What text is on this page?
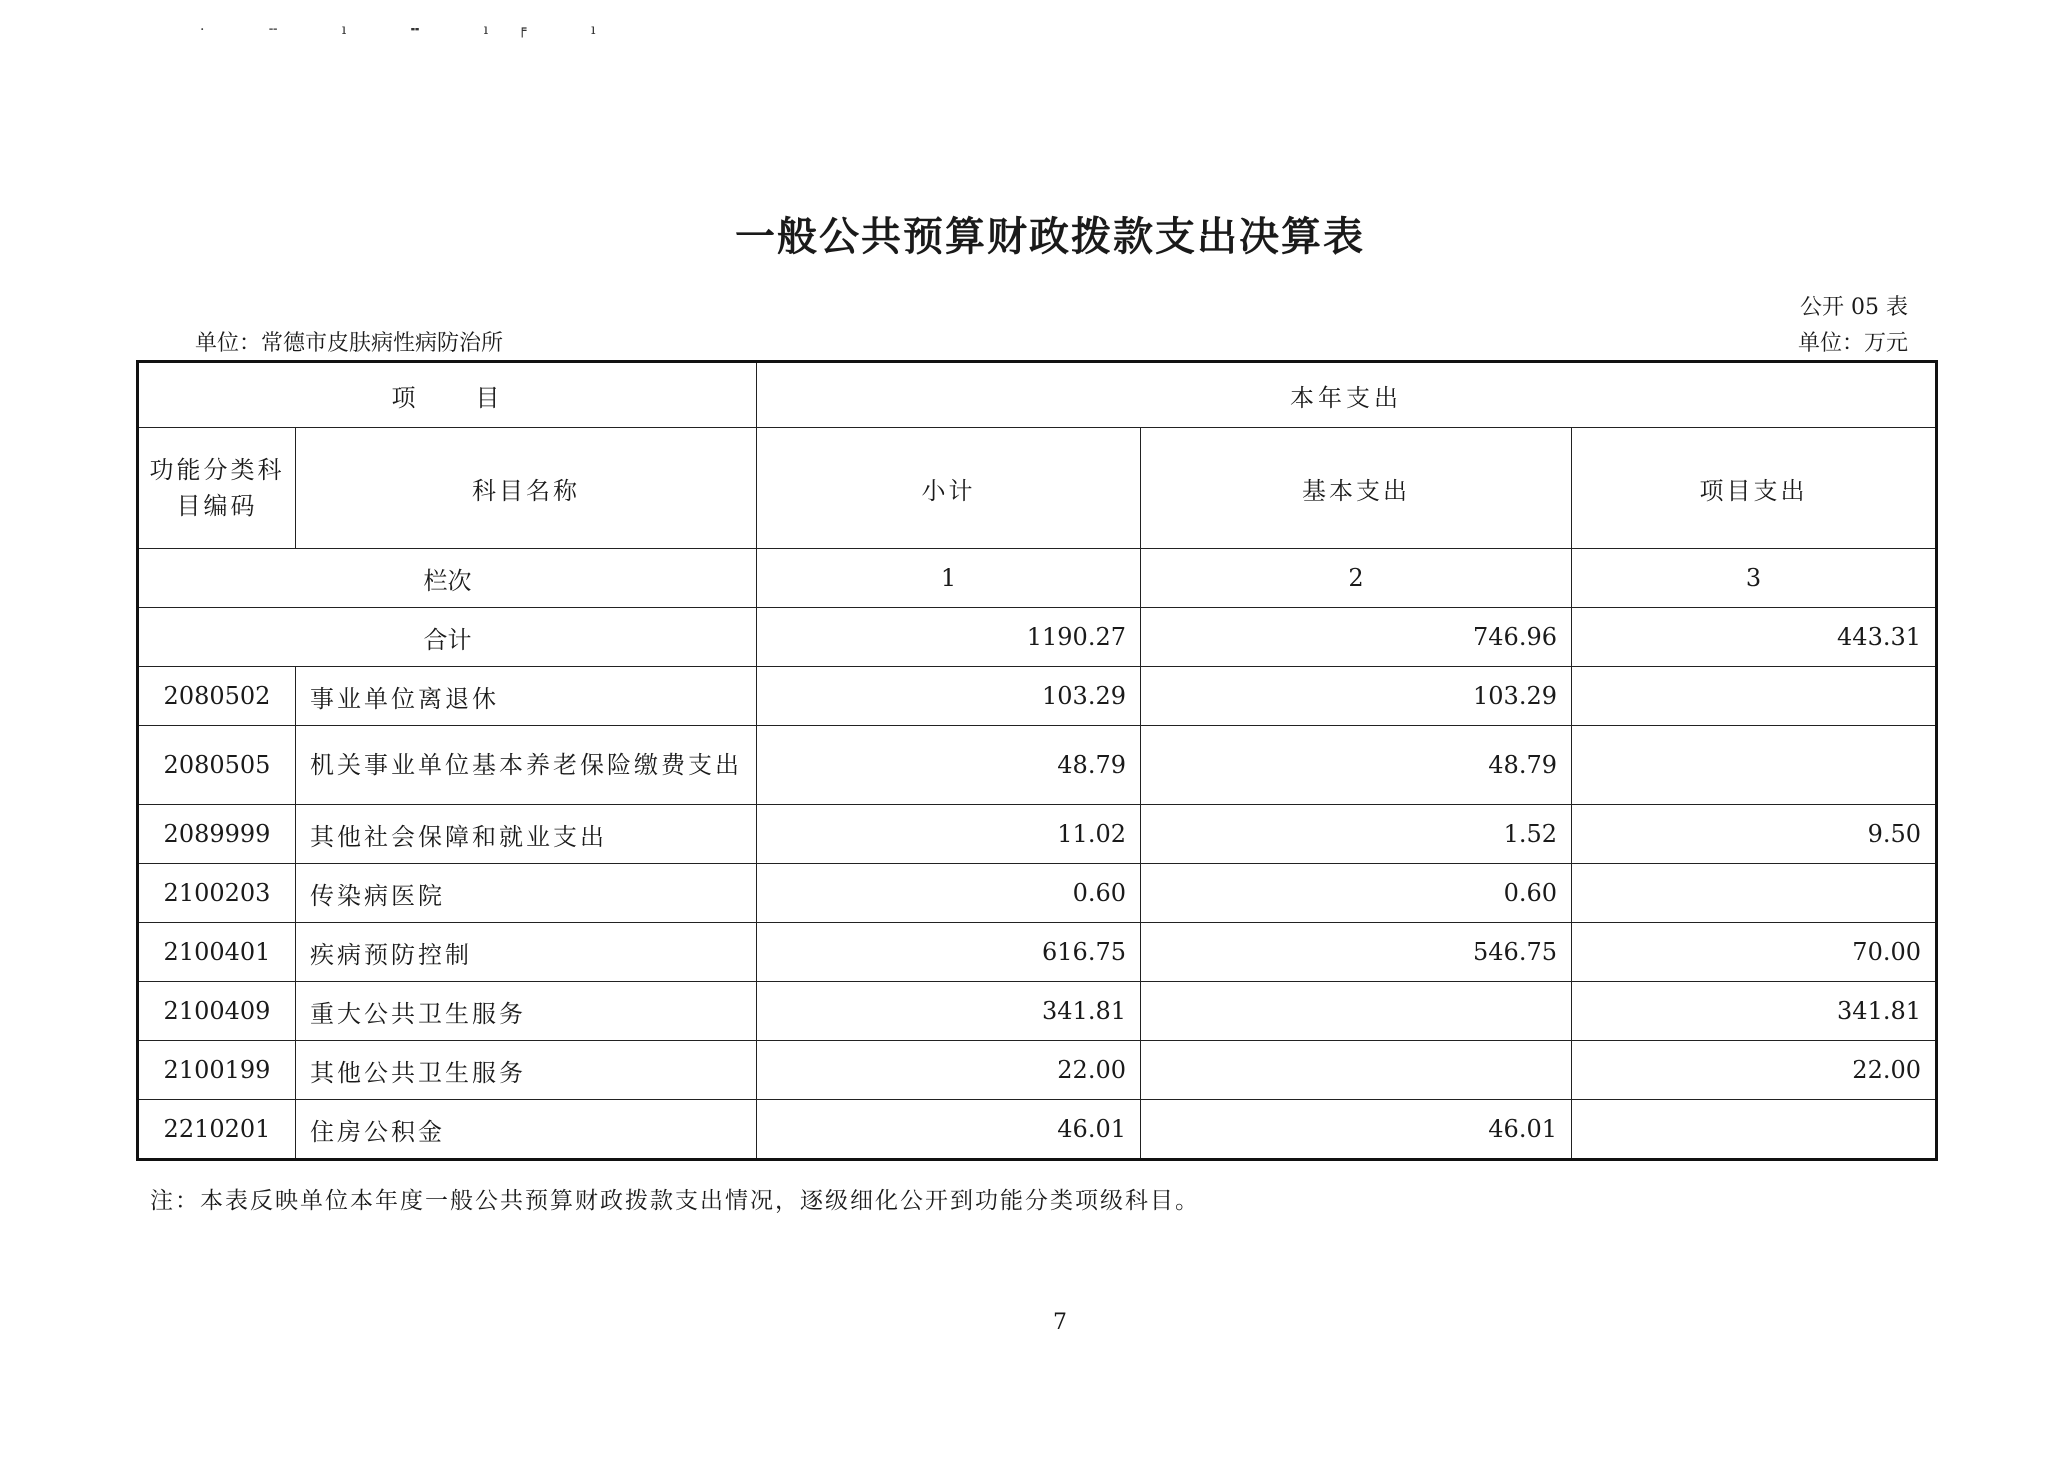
· ╌ ı ╍ ı╒ ı
一般公共预算财政拨款支出决算表
公开 05 表
单位：万元
单位：常德市皮肤病性病防治所
项　　目		本年支出		
功能分类科目编码	科目名称	小计	基本支出	项目支出
栏次		1	2	3
合计		1190.27	746.96	443.31
2080502	事业单位离退休	103.29	103.29	
2080505	机关事业单位基本养老保险缴费支出	48.79	48.79	
2089999	其他社会保障和就业支出	11.02	1.52	9.50
2100203	传染病医院	0.60	0.60	
2100401	疾病预防控制	616.75	546.75	70.00
2100409	重大公共卫生服务	341.81		341.81
2100199	其他公共卫生服务	22.00		22.00
2210201	住房公积金	46.01	46.01	
注：本表反映单位本年度一般公共预算财政拨款支出情况，逐级细化公开到功能分类项级科目。
7
